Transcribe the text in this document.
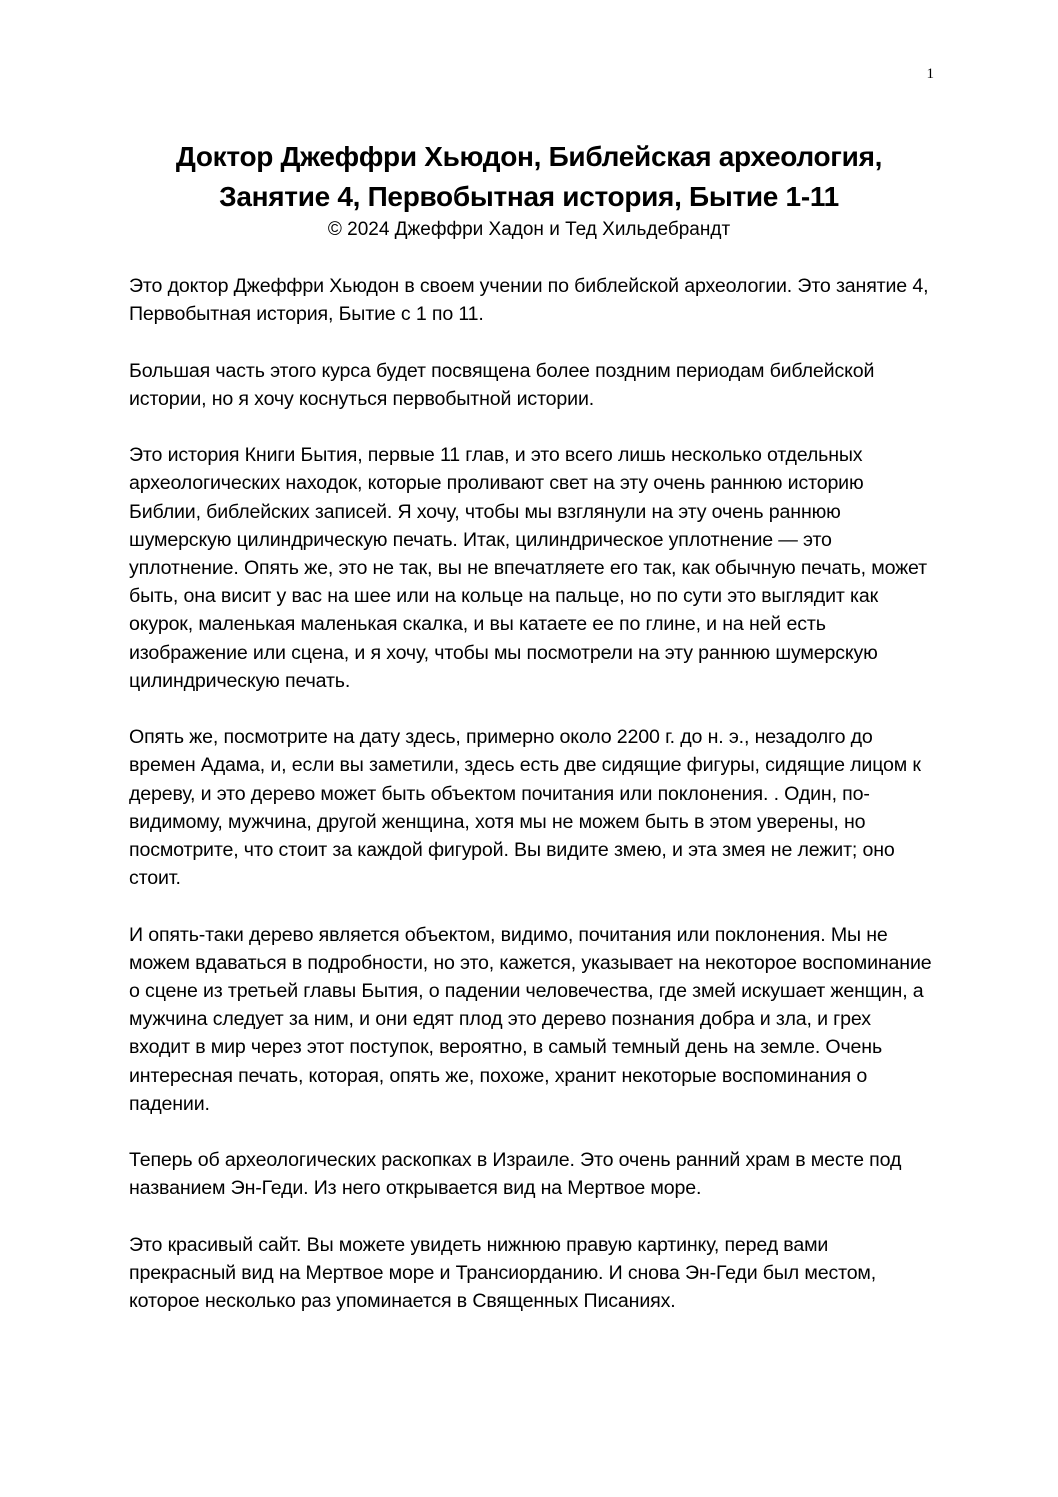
1
Доктор Джеффри Хьюдон, Библейская археология,
Занятие 4, Первобытная история, Бытие 1-11
© 2024 Джеффри Хадон и Тед Хильдебрандт

Это доктор Джеффри Хьюдон в своем учении по библейской археологии. Это занятие 4, Первобытная история, Бытие с 1 по 11.

Большая часть этого курса будет посвящена более поздним периодам библейской истории, но я хочу коснуться первобытной истории.

Это история Книги Бытия, первые 11 глав, и это всего лишь несколько отдельных археологических находок, которые проливают свет на эту очень раннюю историю Библии, библейских записей. Я хочу, чтобы мы взглянули на эту очень раннюю шумерскую цилиндрическую печать. Итак, цилиндрическое уплотнение — это уплотнение. Опять же, это не так, вы не впечатляете его так, как обычную печать, может быть, она висит у вас на шее или на кольце на пальце, но по сути это выглядит как окурок, маленькая маленькая скалка, и вы катаете ее по глине, и на ней есть изображение или сцена, и я хочу, чтобы мы посмотрели на эту раннюю шумерскую цилиндрическую печать.

Опять же, посмотрите на дату здесь, примерно около 2200 г. до н. э., незадолго до времен Адама, и, если вы заметили, здесь есть две сидящие фигуры, сидящие лицом к дереву, и это дерево может быть объектом почитания или поклонения. . Один, по-видимому, мужчина, другой женщина, хотя мы не можем быть в этом уверены, но посмотрите, что стоит за каждой фигурой. Вы видите змею, и эта змея не лежит; оно стоит.

И опять-таки дерево является объектом, видимо, почитания или поклонения. Мы не можем вдаваться в подробности, но это, кажется, указывает на некоторое воспоминание о сцене из третьей главы Бытия, о падении человечества, где змей искушает женщин, а мужчина следует за ним, и они едят плод это дерево познания добра и зла, и грех входит в мир через этот поступок, вероятно, в самый темный день на земле. Очень интересная печать, которая, опять же, похоже, хранит некоторые воспоминания о падении.

Теперь об археологических раскопках в Израиле. Это очень ранний храм в месте под названием Эн-Геди. Из него открывается вид на Мертвое море.

Это красивый сайт. Вы можете увидеть нижнюю правую картинку, перед вами прекрасный вид на Мертвое море и Трансиорданию. И снова Эн-Геди был местом, которое несколько раз упоминается в Священных Писаниях.
